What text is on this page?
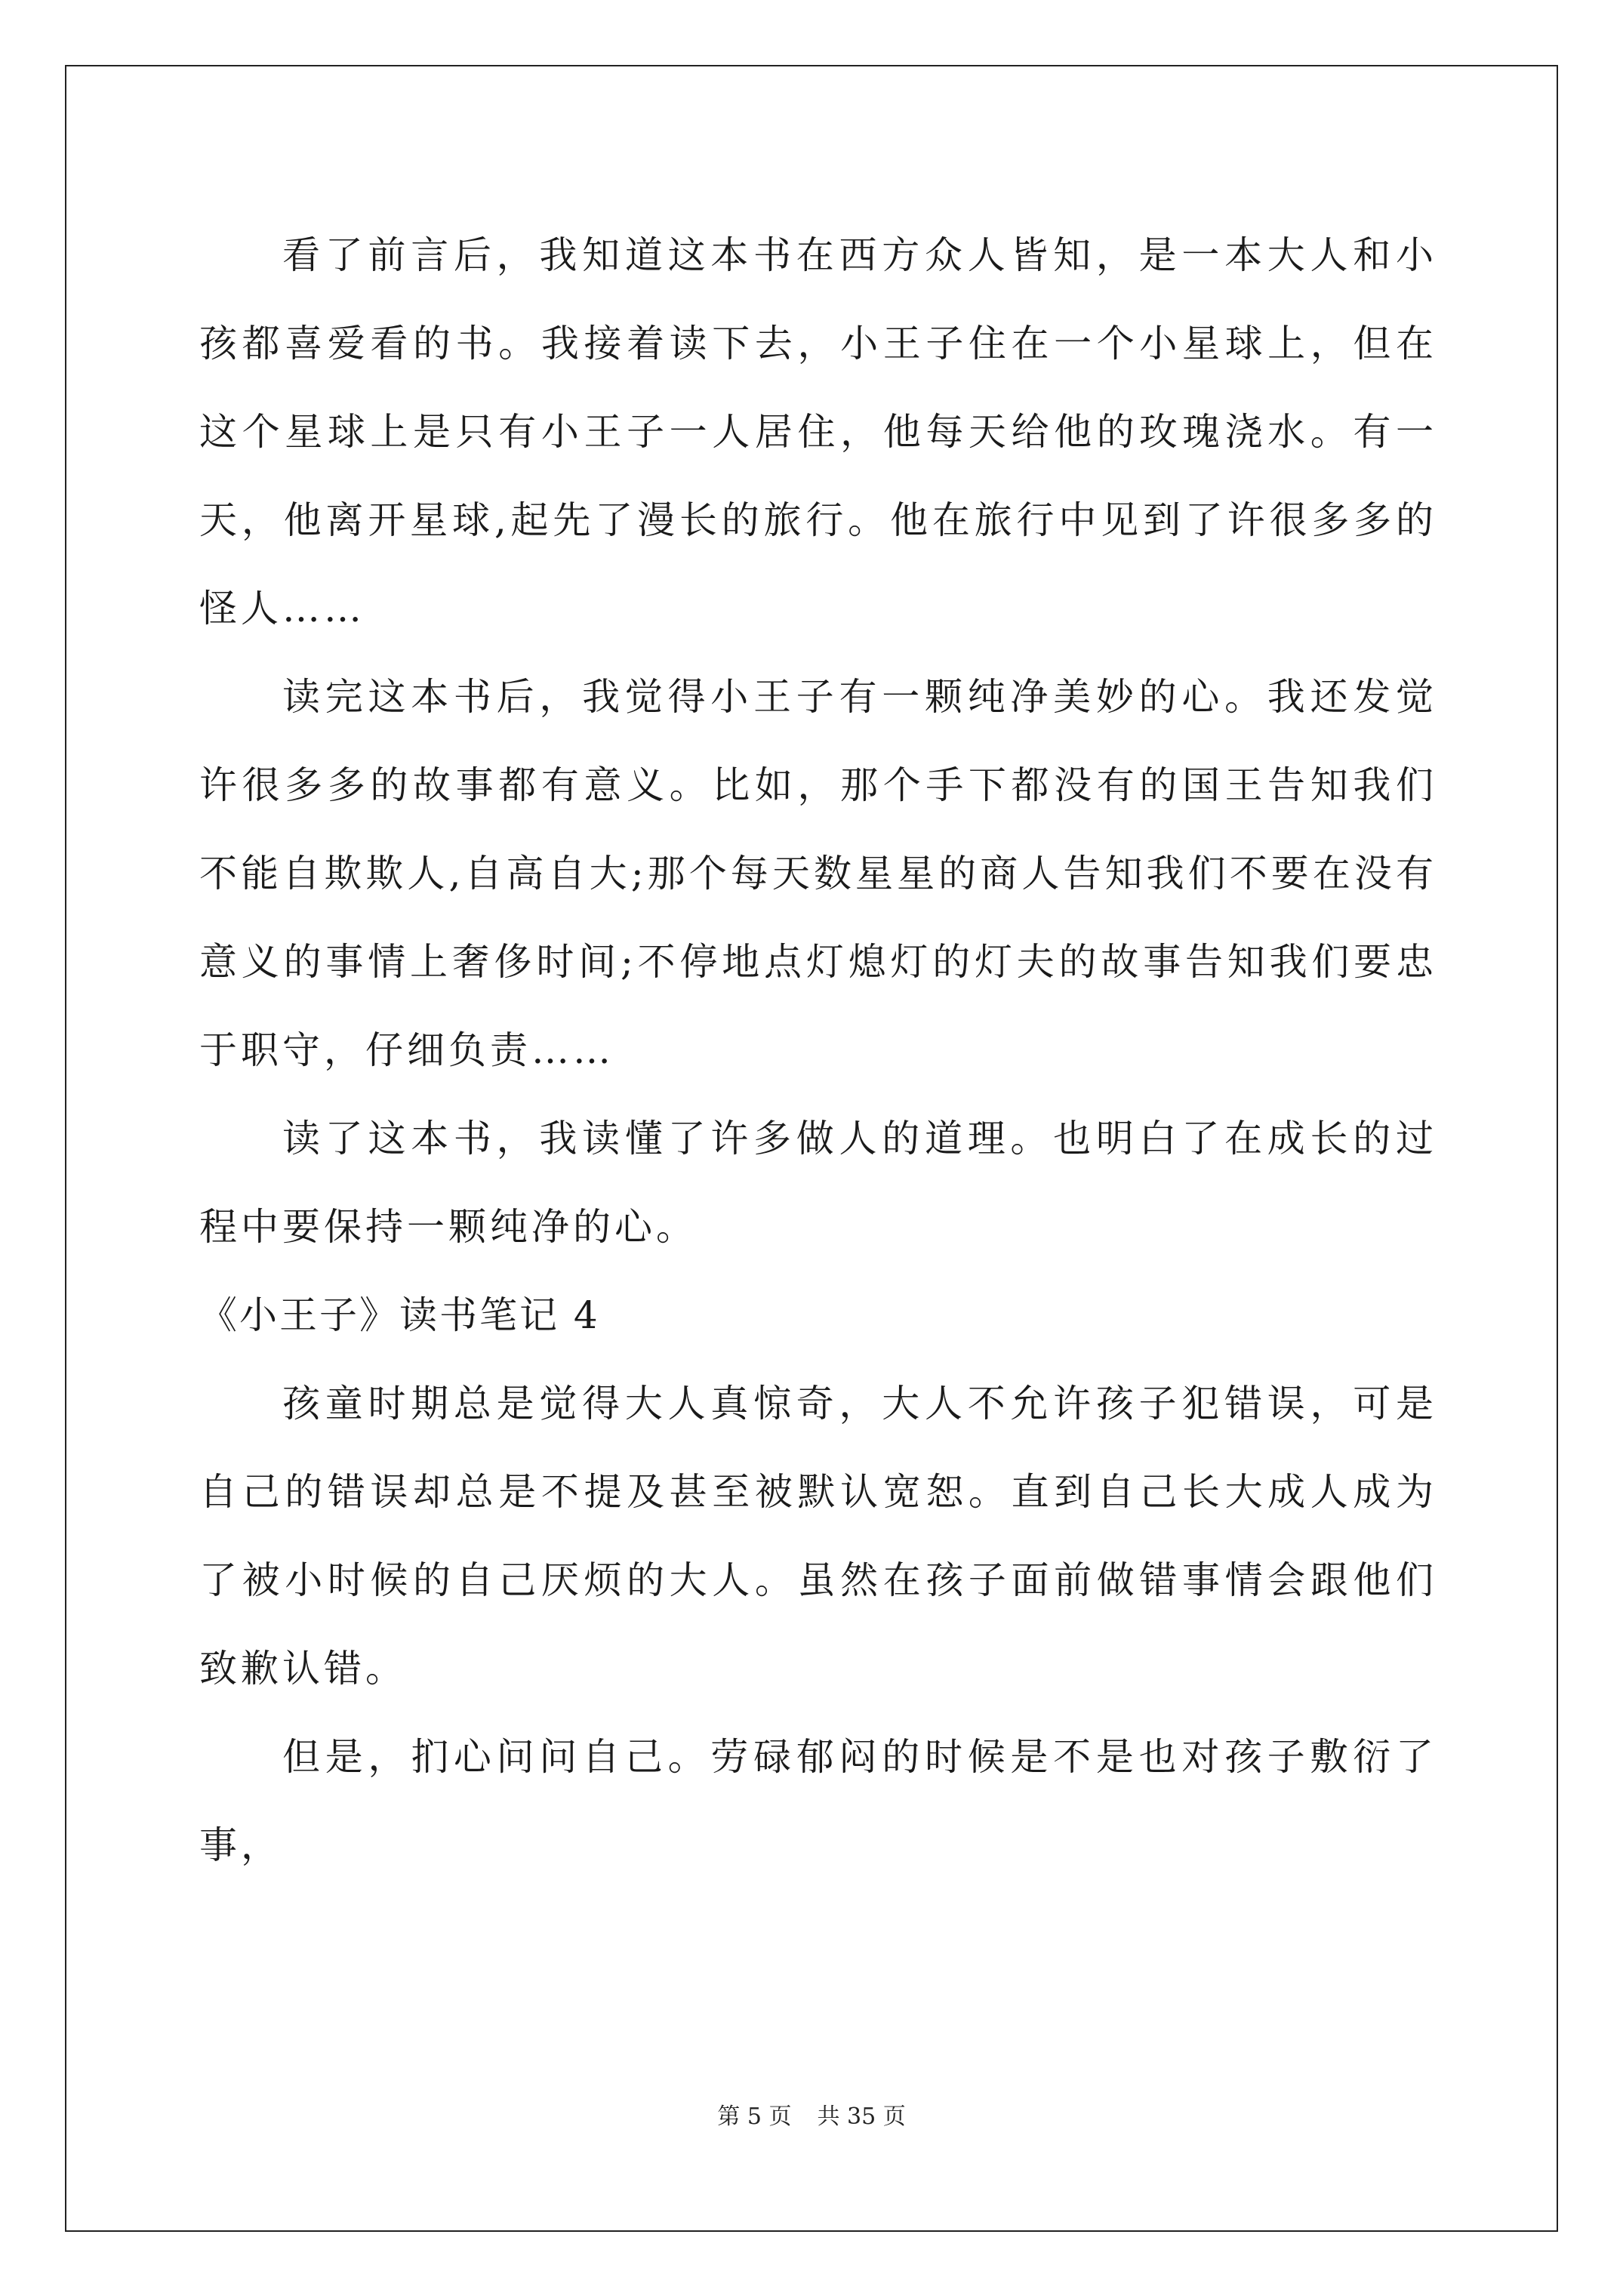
看了前言后，我知道这本书在西方众人皆知，是一本大人和小孩都喜爱看的书。我接着读下去，小王子住在一个小星球上，但在这个星球上是只有小王子一人居住，他每天给他的玫瑰浇水。有一天，他离开星球,起先了漫长的旅行。他在旅行中见到了许很多多的怪人……

读完这本书后，我觉得小王子有一颗纯净美妙的心。我还发觉许很多多的故事都有意义。比如，那个手下都没有的国王告知我们不能自欺欺人,自高自大;那个每天数星星的商人告知我们不要在没有意义的事情上奢侈时间;不停地点灯熄灯的灯夫的故事告知我们要忠于职守，仔细负责……

读了这本书，我读懂了许多做人的道理。也明白了在成长的过程中要保持一颗纯净的心。

《小王子》读书笔记 4

孩童时期总是觉得大人真惊奇，大人不允许孩子犯错误，可是自己的错误却总是不提及甚至被默认宽恕。直到自己长大成人成为了被小时候的自己厌烦的大人。虽然在孩子面前做错事情会跟他们致歉认错。

但是，扪心问问自己。劳碌郁闷的时候是不是也对孩子敷衍了事，

第 5 页 共 35 页
